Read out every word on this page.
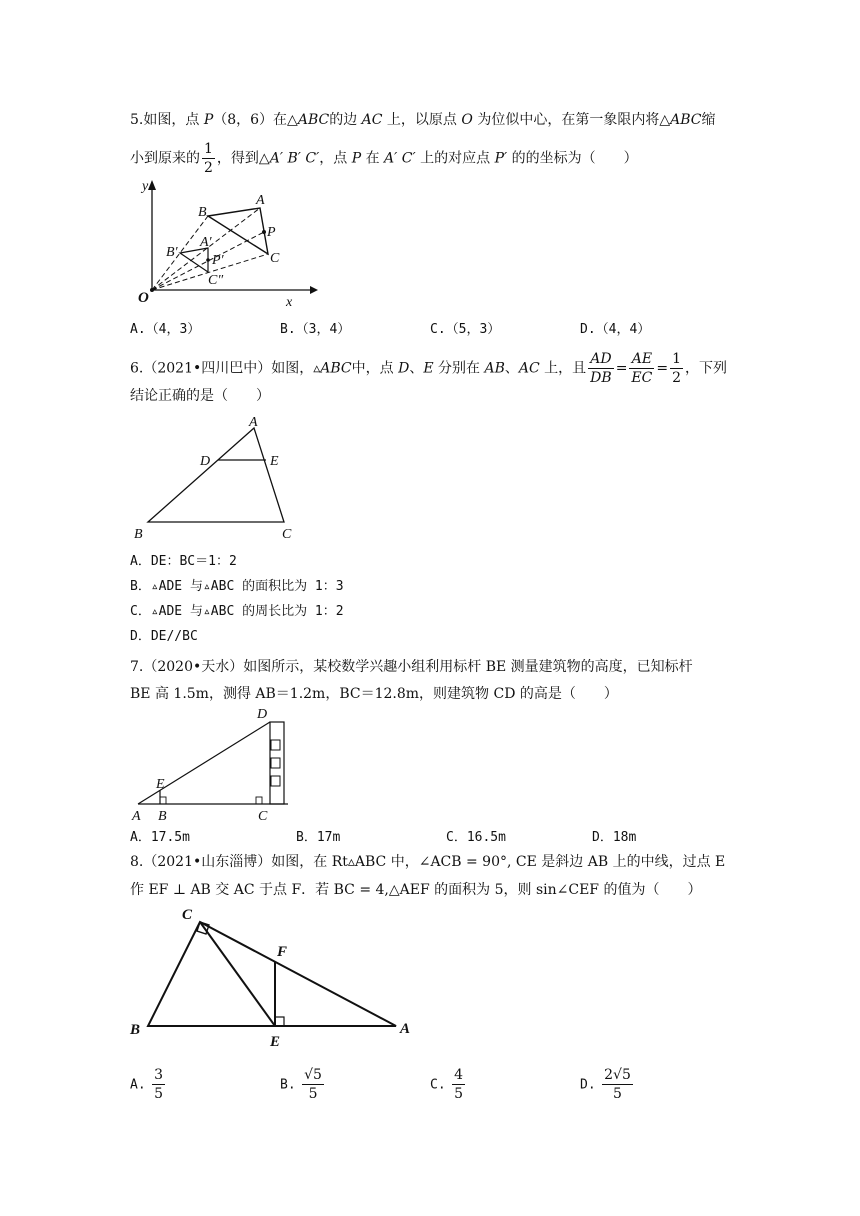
5.如图，点 P（8，6）在△ABC的边 AC 上，以原点 O 为位似中心，在第一象限内将△ABC缩
小到原来的 $\frac{1}{2}$ ，得到△A′ B′ C′，点 P 在 A′ C′ 上的对应点 P′ 的的坐标为（　　）
y
x
O
A
B
C
P
A′
B′
C″
P′
A.（4，3）	B.（3，4）	C.（5，3）	D.（4，4）
6.（2021•四川巴中）如图，▵ABC中，点 D、E 分别在 AB、AC 上，且 $\frac{AD}{DB} = \frac{AE}{EC} = \frac{1}{2}$ ，下列
结论正确的是（　　）
A
D	E
B	C
A．DE：BC＝1：2
B．▵ADE 与▵ABC 的面积比为 1：3
C．▵ADE 与▵ABC 的周长比为 1：2
D．DE//BC
7.（2020•天水）如图所示，某校数学兴趣小组利用标杆 BE 测量建筑物的高度，已知标杆
BE 高 1.5m，测得 AB＝1.2m，BC＝12.8m，则建筑物 CD 的高是（　　）
D
E
A B	C
A．17.5m	B．17m	C．16.5m	D．18m
8.（2021•山东淄博）如图，在 Rt▵ABC 中，∠ACB = 90°, CE 是斜边 AB 上的中线，过点 E
作 EF ⊥ AB 交 AC 于点 F．若 BC = 4,△AEF 的面积为 5，则 sin∠CEF 的值为（　　）
C
F
B
E
A
A. $\frac{3}{5}$	B. $\frac{√5}{5}$	C. $\frac{4}{5}$	D. $\frac{2√5}{5}$
